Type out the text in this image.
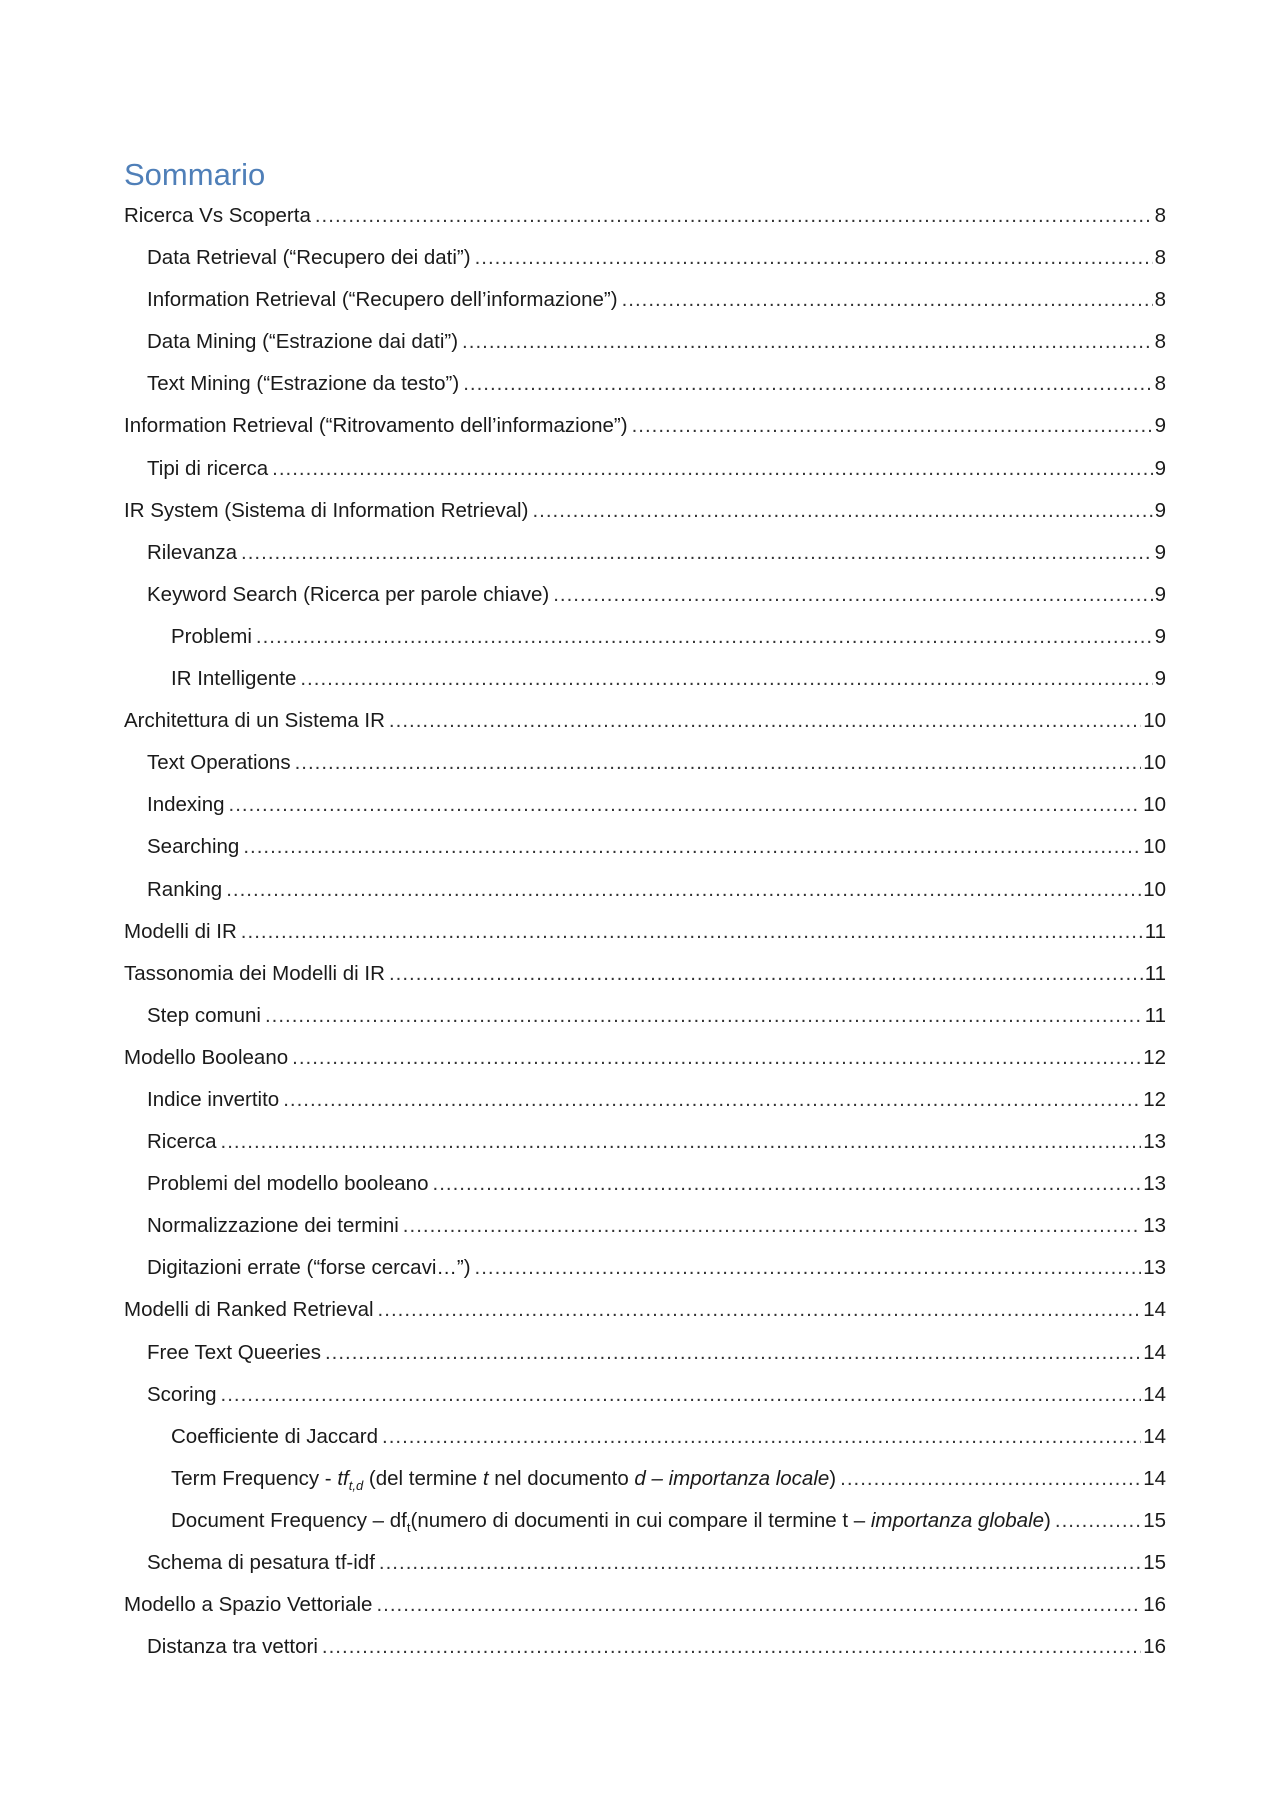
Sommario
Ricerca Vs Scoperta .....	8
Data Retrieval (“Recupero dei dati”) .....	8
Information Retrieval (“Recupero dell’informazione”) .....	8
Data Mining (“Estrazione dai dati”) .....	8
Text Mining (“Estrazione da testo”) .....	8
Information Retrieval (“Ritrovamento dell’informazione”) .....	9
Tipi di ricerca .....	9
IR System (Sistema di Information Retrieval) .....	9
Rilevanza .....	9
Keyword Search (Ricerca per parole chiave) .....	9
Problemi .....	9
IR Intelligente .....	9
Architettura di un Sistema IR .....	10
Text Operations .....	10
Indexing .....	10
Searching .....	10
Ranking .....	10
Modelli di IR .....	11
Tassonomia dei Modelli di IR .....	11
Step comuni .....	11
Modello Booleano .....	12
Indice invertito .....	12
Ricerca .....	13
Problemi del modello booleano .....	13
Normalizzazione dei termini .....	13
Digitazioni errate (“forse cercavi…”) .....	13
Modelli di Ranked Retrieval .....	14
Free Text Queeries .....	14
Scoring .....	14
Coefficiente di Jaccard .....	14
Term Frequency - $tf_{t,d}$ (del termine t nel documento d – importanza locale) .....	14
Document Frequency – $df_t(numero$ di documenti in cui compare il termine t – importanza globale) .....	15
Schema di pesatura tf-idf .....	15
Modello a Spazio Vettoriale .....	16
Distanza tra vettori .....	16
